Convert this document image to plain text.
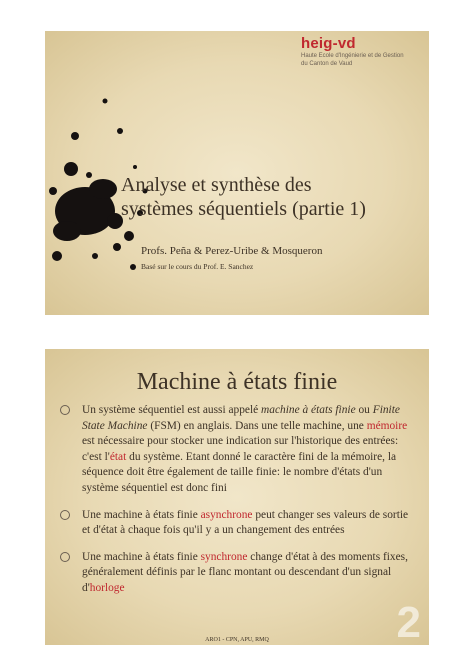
heig-vd
Haute Ecole d'Ingénierie et de Gestion
du Canton de Vaud
Analyse et synthèse des
systèmes séquentiels (partie 1)
Profs. Peña & Perez-Uribe & Mosqueron
Basé sur le cours du Prof. E. Sanchez
Machine à états finie
Un système séquentiel est aussi appelé machine à états finie ou Finite State Machine (FSM) en anglais. Dans une telle machine, une mémoire est nécessaire pour stocker une indication sur l'historique des entrées: c'est l'état du système. Etant donné le caractère fini de la mémoire, la séquence doit être également de taille finie: le nombre d'états d'un système séquentiel est donc fini
Une machine à états finie asynchrone peut changer ses valeurs de sortie et d'état à chaque fois qu'il y a un changement des entrées
Une machine à états finie synchrone change d'état à des moments fixes, généralement définis par le flanc montant ou descendant d'un signal d'horloge
2
ARO1 - CPN, APU, RMQ
